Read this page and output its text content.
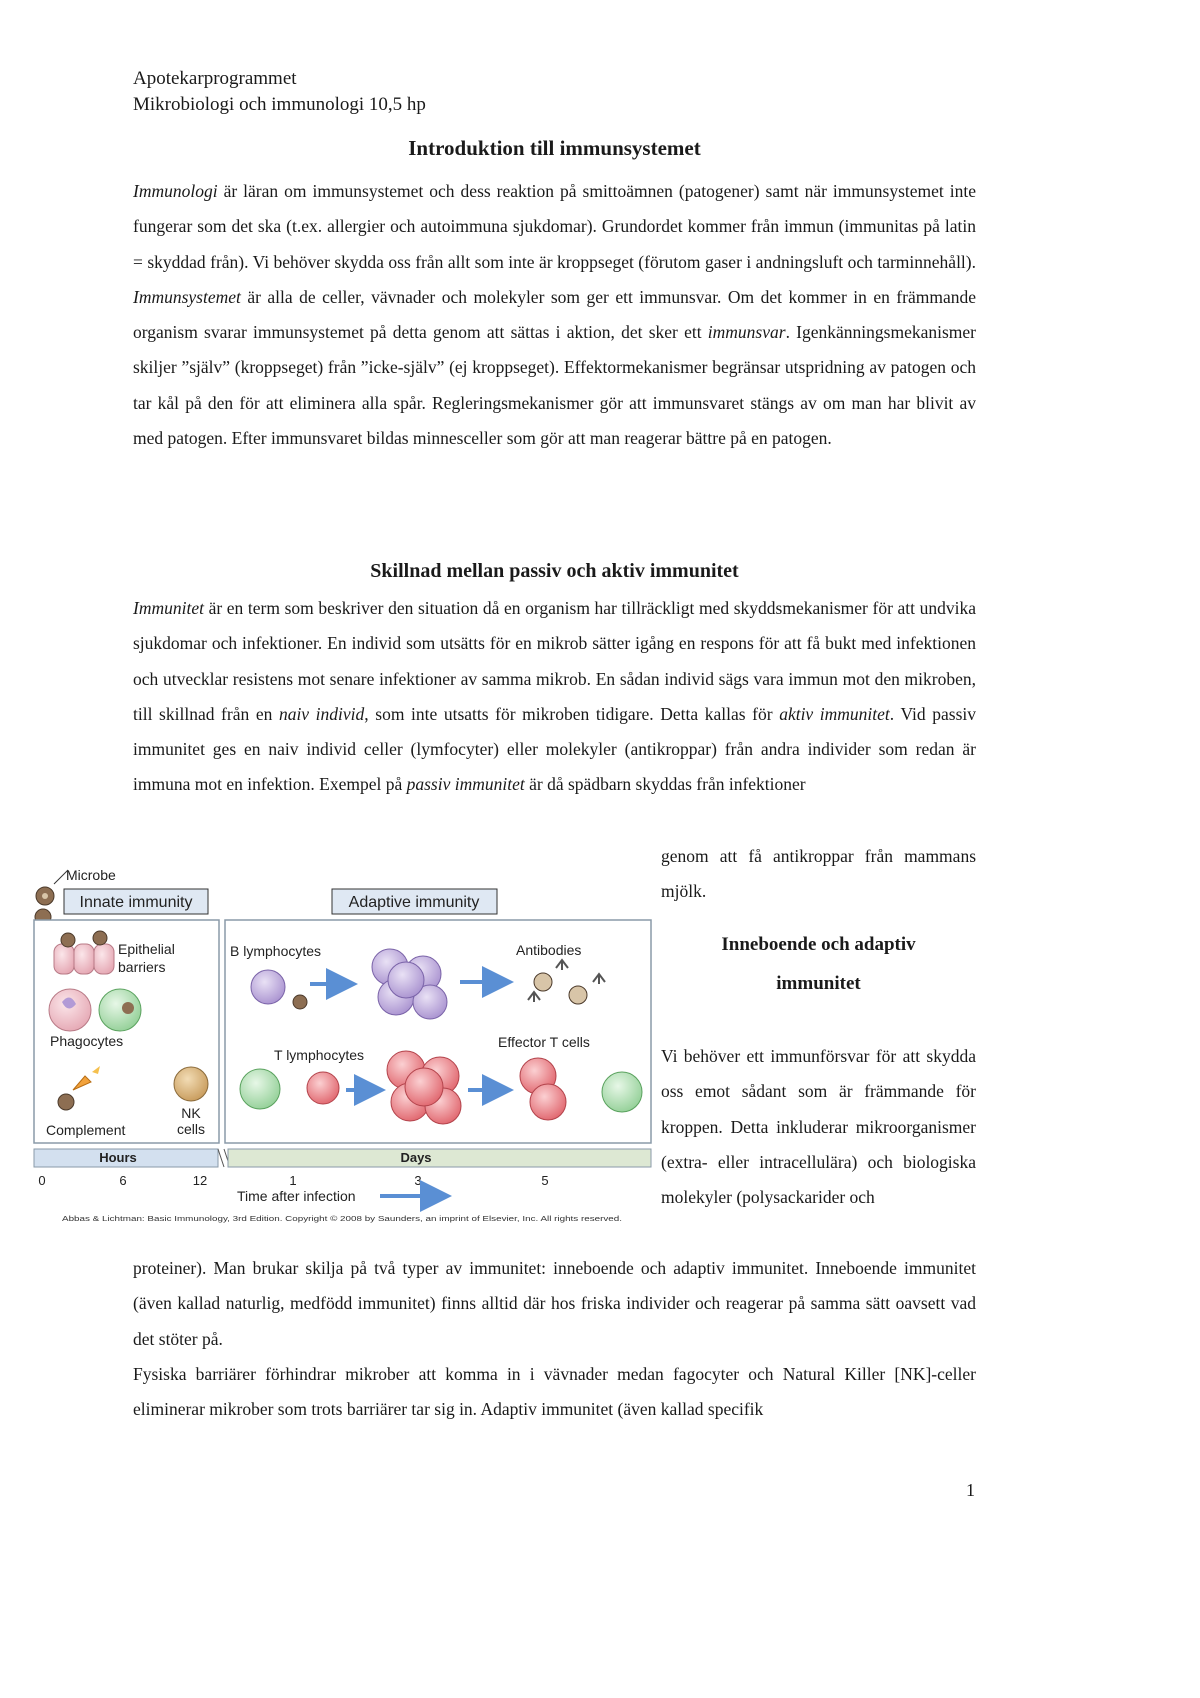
Apotekarprogrammet
Mikrobiologi och immunologi 10,5 hp
Introduktion till immunsystemet

Immunologi är läran om immunsystemet och dess reaktion på smittoämnen (patogener) samt när immunsystemet inte fungerar som det ska (t.ex. allergier och autoimmuna sjukdomar). Grundordet kommer från immun (immunitas på latin = skyddad från). Vi behöver skydda oss från allt som inte är kroppseget (förutom gaser i andningsluft och tarminnehåll). Immunsystemet är alla de celler, vävnader och molekyler som ger ett immunsvar. Om det kommer in en främmande organism svarar immunsystemet på detta genom att sättas i aktion, det sker ett immunsvar. Igenkänningsmekanismer skiljer ”själv” (kroppseget) från ”icke-själv” (ej kroppseget). Effektormekanismer begränsar utspridning av patogen och tar kål på den för att eliminera alla spår. Regleringsmekanismer gör att immunsvaret stängs av om man har blivit av med patogen. Efter immunsvaret bildas minnesceller som gör att man reagerar bättre på en patogen.

Skillnad mellan passiv och aktiv immunitet

Immunitet är en term som beskriver den situation då en organism har tillräckligt med skyddsmekanismer för att undvika sjukdomar och infektioner. En individ som utsätts för en mikrob sätter igång en respons för att få bukt med infektionen och utvecklar resistens mot senare infektioner av samma mikrob. En sådan individ sägs vara immun mot den mikroben, till skillnad från en naiv individ, som inte utsatts för mikroben tidigare. Detta kallas för aktiv immunitet. Vid passiv immunitet ges en naiv individ celler (lymfocyter) eller molekyler (antikroppar) från andra individer som redan är immuna mot en infektion. Exempel på passiv immunitet är då spädbarn skyddas från infektioner

genom att få antikroppar från mammans mjölk.

Inneboende och adaptiv
immunitet

Vi behöver ett immunförsvar för att skydda oss emot sådant som är främmande för kroppen. Detta inkluderar mikroorganismer (extra- eller intracellulära) och biologiska molekyler (polysackarider och

proteiner). Man brukar skilja på två typer av immunitet: inneboende och adaptiv immunitet. Inneboende immunitet (även kallad naturlig, medfödd immunitet) finns alltid där hos friska individer och reagerar på samma sätt oavsett vad det stöter på.

Fysiska barriärer förhindrar mikrober att komma in i vävnader medan fagocyter och Natural Killer [NK]-celler eliminerar mikrober som trots barriärer tar sig in. Adaptiv immunitet (även kallad specifik

Microbe
Innate immunity
Epithelial
barriers
Phagocytes
Complement
NK
cells
Adaptive immunity
B lymphocytes	Antibodies
T lymphocytes
Effector T cells
Hours	Days
0	6	12	1	3	5
Time after infection
Abbas & Lichtman: Basic Immunology, 3rd Edition. Copyright © 2008 by Saunders, an imprint of Elsevier, Inc. All rights reserved.
1
